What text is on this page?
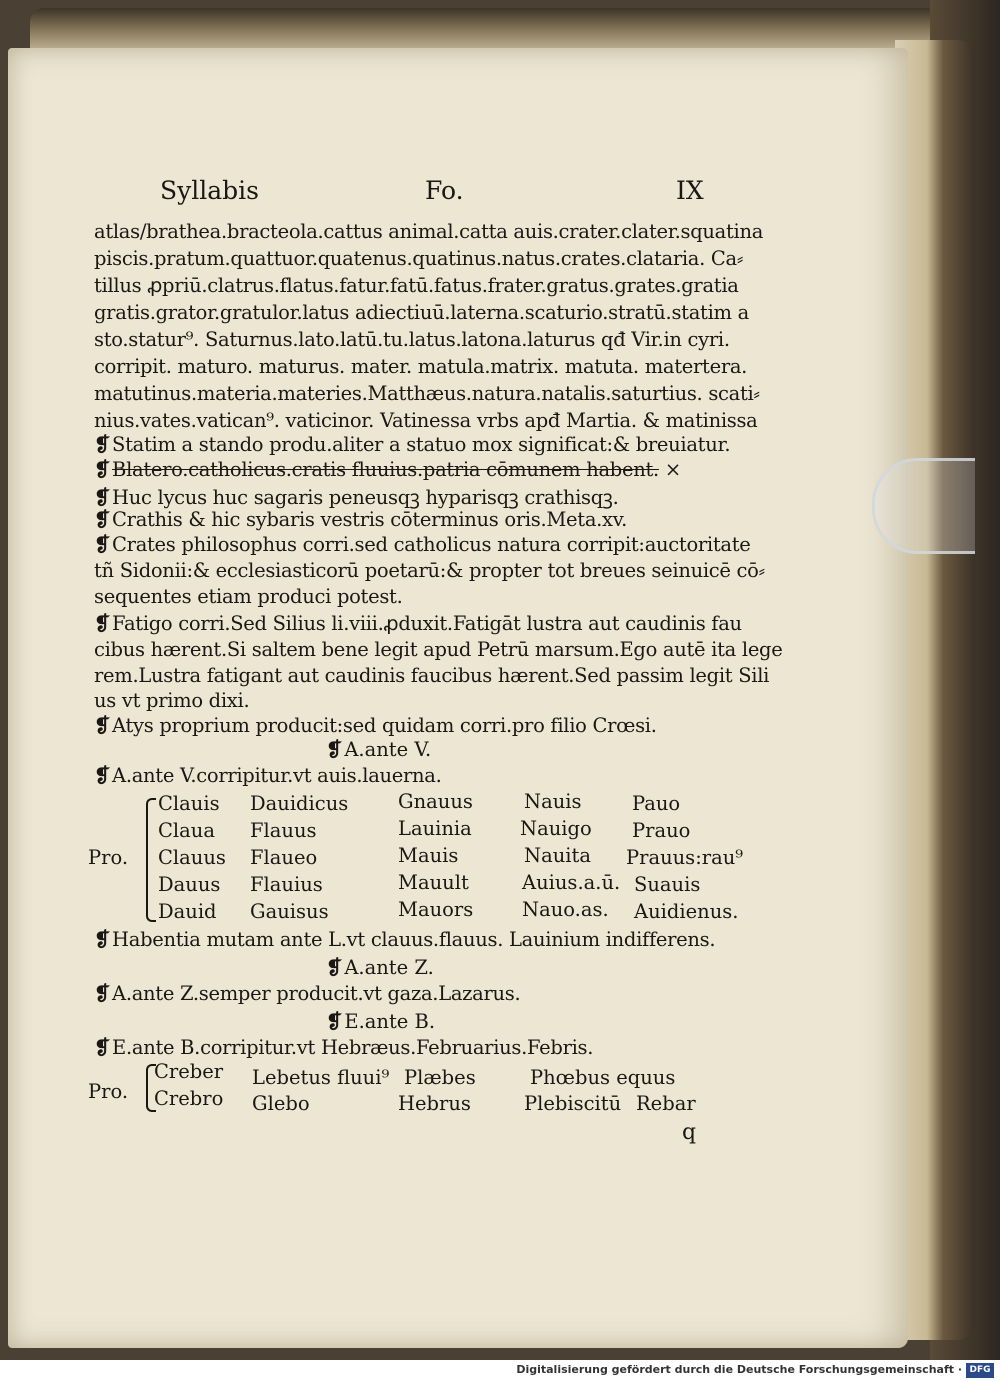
Syllabis	Fo.	IX
atlas/brathea.bracteola.cattus animal.catta auis.crater.clater.squatina
piscis.pratum.quattuor.quatenus.quatinus.natus.crates.clataria. Ca⸗
tillus ꝓpriū.clatrus.flatus.fatur.fatū.fatus.frater.gratus.grates.gratia
gratis.grator.gratulor.latus adiectiuū.laterna.scaturio.stratū.statim a
sto.statur⁹. Saturnus.lato.latū.tu.latus.latona.laturus qđ Vir.in cyri.
corripit. maturo. maturus. mater. matula.matrix. matuta. matertera.
matutinus.materia.materies.Matthæus.natura.natalis.saturtius. scati⸗
nius.vates.vatican⁹. vaticinor. Vatinessa vrbs apđ Martia. & matinissa
❡ Statim a stando produ.aliter a statuo mox significat:& breuiatur.
❡ Blatero.catholicus.cratis fluuius.patria cōmunem habent. ×
❡ Huc lycus huc sagaris peneusqꝫ hyparisqꝫ crathisqꝫ.
❡ Crathis & hic sybaris vestris cōterminus oris.Meta.xv.
❡ Crates philosophus corri.sed catholicus natura corripit:auctoritate
tñ Sidonii:& ecclesiasticorū poetarū:& propter tot breues seinuicē cō⸗
sequentes etiam produci potest.
❡ Fatigo corri.Sed Silius li.viii.ꝓduxit.Fatigāt lustra aut caudinis fau
cibus hærent.Si saltem bene legit apud Petrū marsum.Ego autē ita lege
rem.Lustra fatigant aut caudinis faucibus hærent.Sed passim legit Sili
us vt primo dixi.
❡ Atys proprium producit:sed quidam corri.pro filio Crœsi.
❡ A.ante V.
❡ A.ante V.corripitur.vt auis.lauerna.
Pro.
Clauis
Claua
Clauus
Dauus
Dauid
Dauidicus
Flauus
Flaueo
Flauius
Gauisus
Gnauus
Lauinia
Mauis
Mauult
Mauors
Nauis
Nauigo
Nauita
Auius.a.ū.
Nauo.as.
Pauo
Prauo
Prauus:rau⁹
Suauis
Auidienus.
❡ Habentia mutam ante L.vt clauus.flauus. Lauinium indifferens.
❡ A.ante Z.
❡ A.ante Z.semper producit.vt gaza.Lazarus.
❡ E.ante B.
❡ E.ante B.corripitur.vt Hebræus.Februarius.Febris.
Pro.
Creber
Crebro
Lebetus fluui⁹
Glebo
Plæbes
Hebrus
Phœbus equus
Plebiscitū Rebar
q
Digitalisierung gefördert durch die Deutsche Forschungsgemeinschaft · DFG
